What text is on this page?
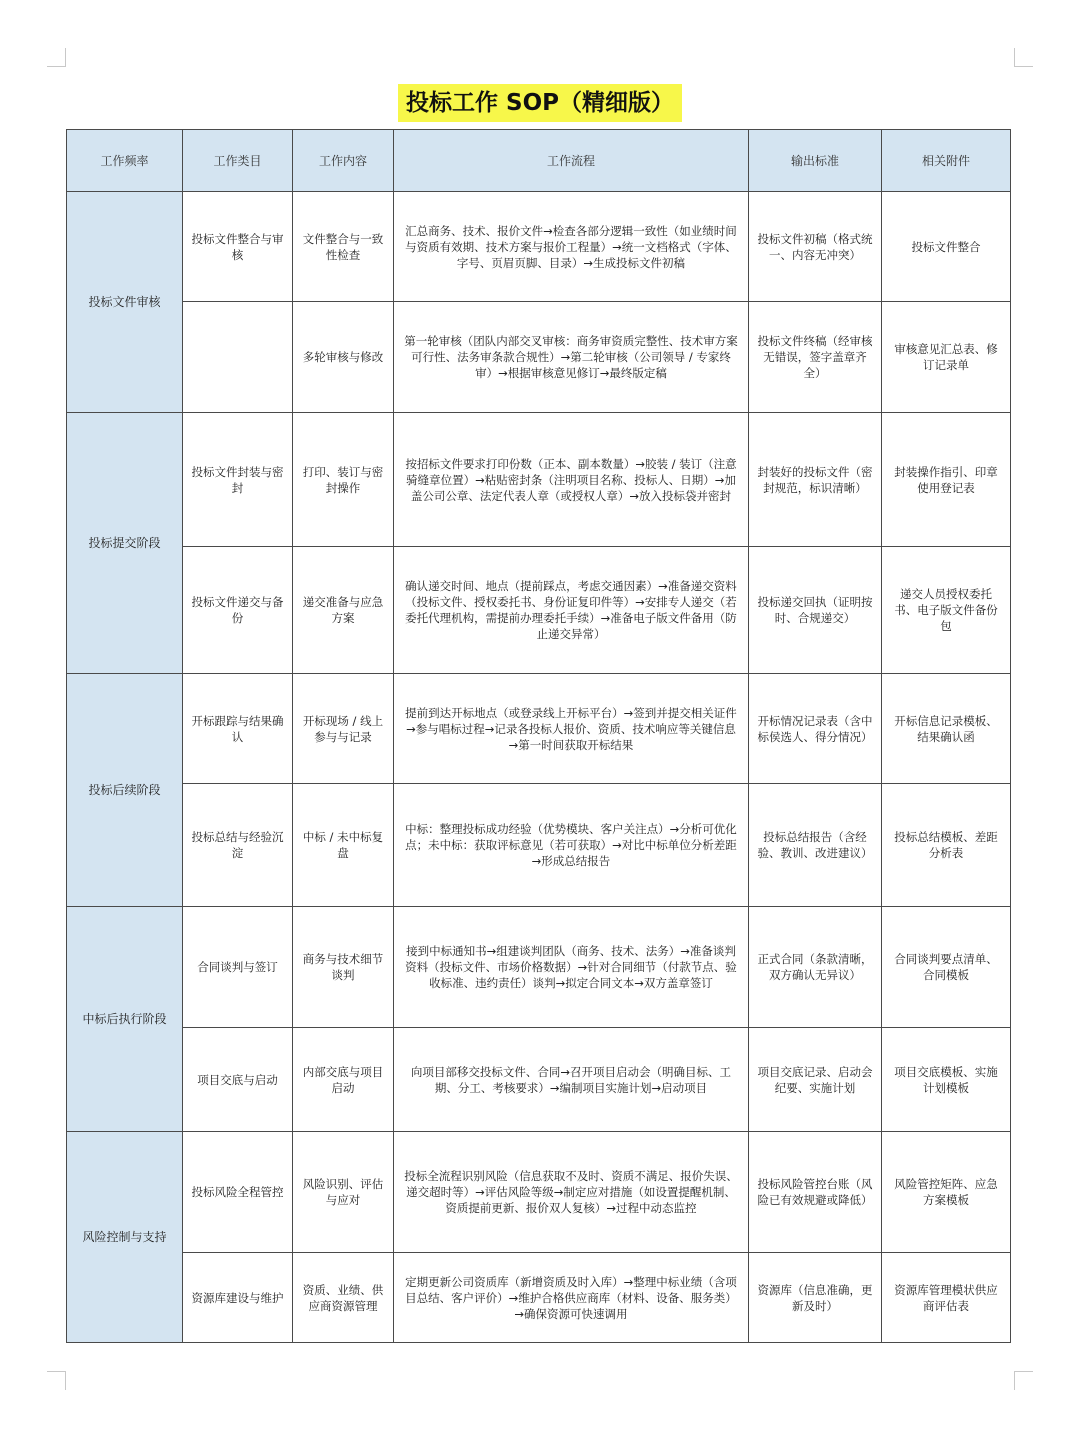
投标工作 SOP（精细版）
工作频率	工作类目	工作内容	工作流程	输出标准	相关附件
投标文件审核	投标文件整合与审核	文件整合与一致性检查	汇总商务、技术、报价文件→检查各部分逻辑一致性（如业绩时间与资质有效期、技术方案与报价工程量）→统一文档格式（字体、字号、页眉页脚、目录）→生成投标文件初稿	投标文件初稿（格式统一、内容无冲突）	投标文件整合
		多轮审核与修改	第一轮审核（团队内部交叉审核：商务审资质完整性、技术审方案可行性、法务审条款合规性）→第二轮审核（公司领导 / 专家终审）→根据审核意见修订→最终版定稿	投标文件终稿（经审核无错误，签字盖章齐全）	审核意见汇总表、修订记录单
投标提交阶段	投标文件封装与密封	打印、装订与密封操作	按招标文件要求打印份数（正本、副本数量）→胶装 / 装订（注意骑缝章位置）→粘贴密封条（注明项目名称、投标人、日期）→加盖公司公章、法定代表人章（或授权人章）→放入投标袋并密封	封装好的投标文件（密封规范，标识清晰）	封装操作指引、印章使用登记表
	投标文件递交与备份	递交准备与应急方案	确认递交时间、地点（提前踩点，考虑交通因素）→准备递交资料（投标文件、授权委托书、身份证复印件等）→安排专人递交（若委托代理机构，需提前办理委托手续）→准备电子版文件备用（防止递交异常）	投标递交回执（证明按时、合规递交）	递交人员授权委托书、电子版文件备份包
投标后续阶段	开标跟踪与结果确认	开标现场 / 线上参与与记录	提前到达开标地点（或登录线上开标平台）→签到并提交相关证件→参与唱标过程→记录各投标人报价、资质、技术响应等关键信息→第一时间获取开标结果	开标情况记录表（含中标侯选人、得分情况）	开标信息记录模板、结果确认函
	投标总结与经验沉淀	中标 / 未中标复盘	中标：整理投标成功经验（优势模块、客户关注点）→分析可优化点；未中标：获取评标意见（若可获取）→对比中标单位分析差距→形成总结报告	投标总结报告（含经验、教训、改进建议）	投标总结模板、差距分析表
中标后执行阶段	合同谈判与签订	商务与技术细节谈判	接到中标通知书→组建谈判团队（商务、技术、法务）→准备谈判资料（投标文件、市场价格数据）→针对合同细节（付款节点、验收标准、违约责任）谈判→拟定合同文本→双方盖章签订	正式合同（条款清晰，双方确认无异议）	合同谈判要点清单、合同模板
	项目交底与启动	内部交底与项目启动	向项目部移交投标文件、合同→召开项目启动会（明确目标、工期、分工、考核要求）→编制项目实施计划→启动项目	项目交底记录、启动会纪要、实施计划	项目交底模板、实施计划模板
风险控制与支持	投标风险全程管控	风险识别、评估与应对	投标全流程识别风险（信息获取不及时、资质不满足、报价失误、递交超时等）→评估风险等级→制定应对措施（如设置提醒机制、资质提前更新、报价双人复核）→过程中动态监控	投标风险管控台账（风险已有效规避或降低）	风险管控矩阵、应急方案模板
	资源库建设与维护	资质、业绩、供应商资源管理	定期更新公司资质库（新增资质及时入库）→整理中标业绩（含项目总结、客户评价）→维护合格供应商库（材料、设备、服务类）→确保资源可快速调用	资源库（信息准确，更新及时）	资源库管理模状供应商评估表
